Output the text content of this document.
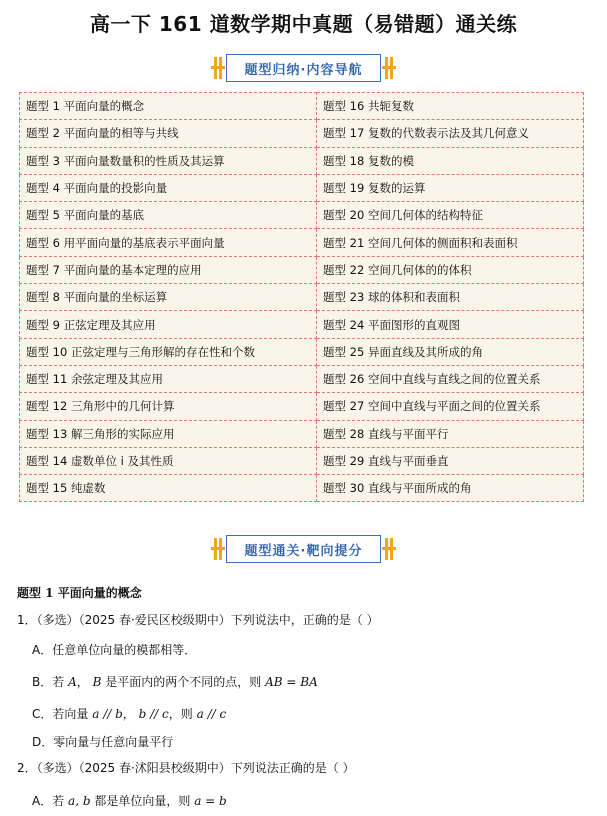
高一下 161 道数学期中真题（易错题）通关练
题型归纳·内容导航
题型 1 平面向量的概念	题型 16 共轭复数
题型 2 平面向量的相等与共线	题型 17 复数的代数表示法及其几何意义
题型 3 平面向量数量积的性质及其运算	题型 18 复数的模
题型 4 平面向量的投影向量	题型 19 复数的运算
题型 5 平面向量的基底	题型 20 空间几何体的结构特征
题型 6 用平面向量的基底表示平面向量	题型 21 空间几何体的侧面积和表面积
题型 7 平面向量的基本定理的应用	题型 22 空间几何体的的体积
题型 8 平面向量的坐标运算	题型 23 球的体积和表面积
题型 9 正弦定理及其应用	题型 24 平面图形的直观图
题型 10 正弦定理与三角形解的存在性和个数	题型 25 异面直线及其所成的角
题型 11 余弦定理及其应用	题型 26 空间中直线与直线之间的位置关系
题型 12 三角形中的几何计算	题型 27 空间中直线与平面之间的位置关系
题型 13 解三角形的实际应用	题型 28 直线与平面平行
题型 14 虚数单位 i 及其性质	题型 29 直线与平面垂直
题型 15 纯虚数	题型 30 直线与平面所成的角
题型通关·靶向提分
题型 1 平面向量的概念
1．（多选）（2025 春·爱民区校级期中）下列说法中，正确的是（ ）
A．任意单位向量的模都相等．
B．若 A， B 是平面内的两个不同的点，则 AB = BA
C．若向量 a // b， b // c，则 a // c
D．零向量与任意向量平行
2．（多选）（2025 春·沭阳县校级期中）下列说法正确的是（ ）
A．若 a, b 都是单位向量，则 a = b
